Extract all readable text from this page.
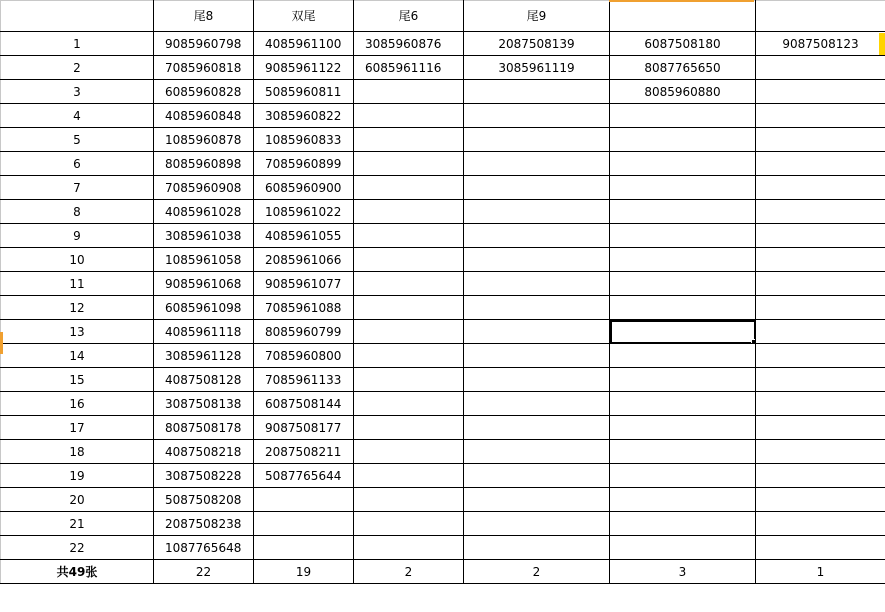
	尾8	双尾	尾6	尾9		
1	9085960798	4085961100	3085960876	2087508139	6087508180	9087508123
2	7085960818	9085961122	6085961116	3085961119	8087765650	
3	6085960828	5085960811			8085960880	
4	4085960848	3085960822				
5	1085960878	1085960833				
6	8085960898	7085960899				
7	7085960908	6085960900				
8	4085961028	1085961022				
9	3085961038	4085961055				
10	1085961058	2085961066				
11	9085961068	9085961077				
12	6085961098	7085961088				
13	4085961118	8085960799			

14	3085961128	7085960800				
15	4087508128	7085961133				
16	3087508138	6087508144				
17	8087508178	9087508177				
18	4087508218	2087508211				
19	3087508228	5087765644				
20	5087508208					
21	2087508238					
22	1087765648					
共49张	22	19	2	2	3	1
